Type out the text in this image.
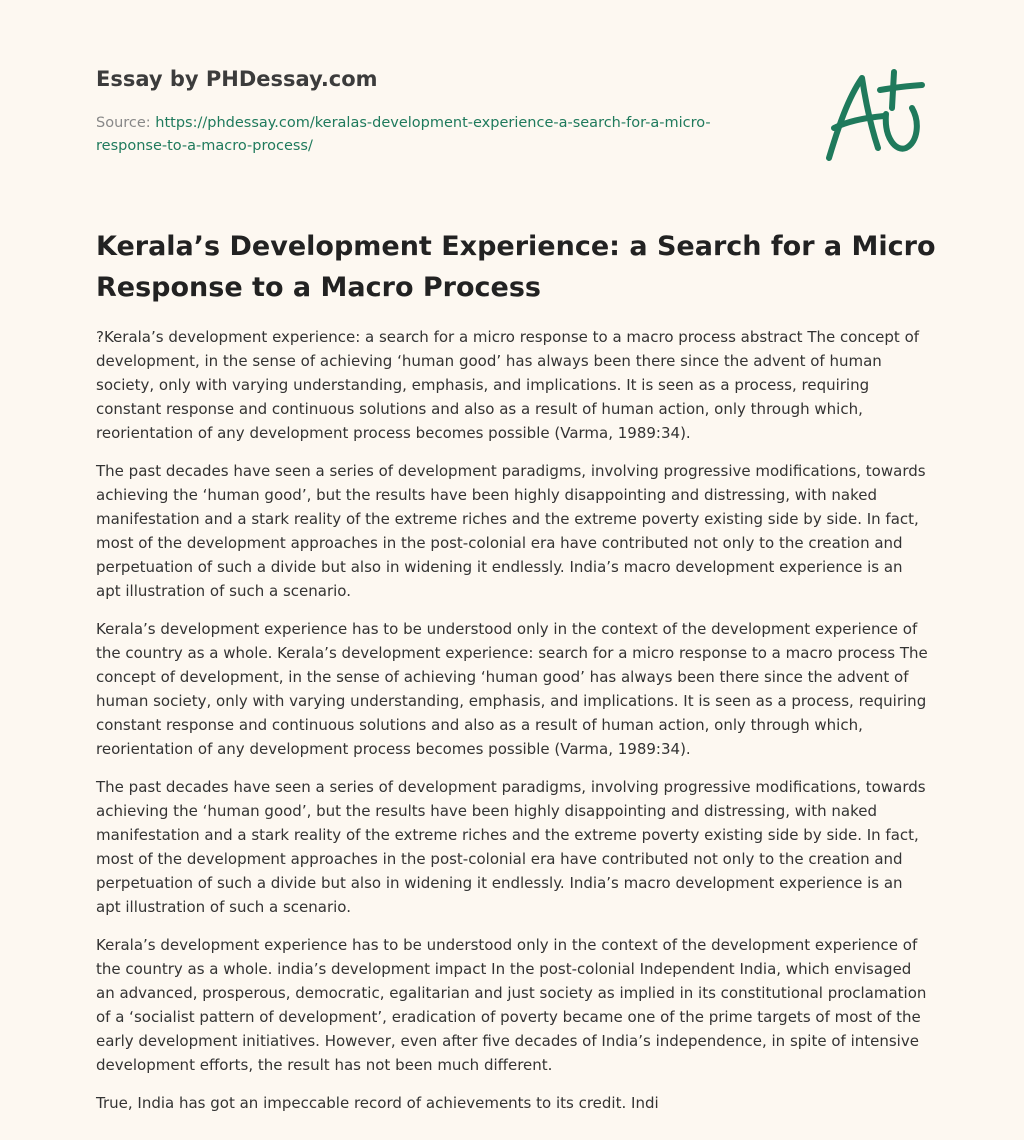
Essay by PHDessay.com
Source: https://phdessay.com/keralas-development-experience-a-search-for-a-micro-
response-to-a-macro-process/
Kerala’s Development Experience: a Search for a Micro Response to a Macro Process

?Kerala’s development experience: a search for a micro response to a macro process abstract The concept of development, in the sense of achieving ‘human good’ has always been there since the advent of human society, only with varying understanding, emphasis, and implications. It is seen as a process, requiring constant response and continuous solutions and also as a result of human action, only through which, reorientation of any development process becomes possible (Varma, 1989:34).

The past decades have seen a series of development paradigms, involving progressive modifications, towards achieving the ‘human good’, but the results have been highly disappointing and distressing, with naked manifestation and a stark reality of the extreme riches and the extreme poverty existing side by side. In fact, most of the development approaches in the post-colonial era have contributed not only to the creation and perpetuation of such a divide but also in widening it endlessly. India’s macro development experience is an apt illustration of such a scenario.

Kerala’s development experience has to be understood only in the context of the development experience of the country as a whole. Kerala’s development experience: search for a micro response to a macro process The concept of development, in the sense of achieving ‘human good’ has always been there since the advent of human society, only with varying understanding, emphasis, and implications. It is seen as a process, requiring constant response and continuous solutions and also as a result of human action, only through which, reorientation of any development process becomes possible (Varma, 1989:34).

The past decades have seen a series of development paradigms, involving progressive modifications, towards achieving the ‘human good’, but the results have been highly disappointing and distressing, with naked manifestation and a stark reality of the extreme riches and the extreme poverty existing side by side. In fact, most of the development approaches in the post-colonial era have contributed not only to the creation and perpetuation of such a divide but also in widening it endlessly. India’s macro development experience is an apt illustration of such a scenario.

Kerala’s development experience has to be understood only in the context of the development experience of the country as a whole. india’s development impact In the post-colonial Independent India, which envisaged an advanced, prosperous, democratic, egalitarian and just society as implied in its constitutional proclamation of a ‘socialist pattern of development’, eradication of poverty became one of the prime targets of most of the early development initiatives. However, even after five decades of India’s independence, in spite of intensive development efforts, the result has not been much different.

True, India has got an impeccable record of achievements to its credit. Indi
